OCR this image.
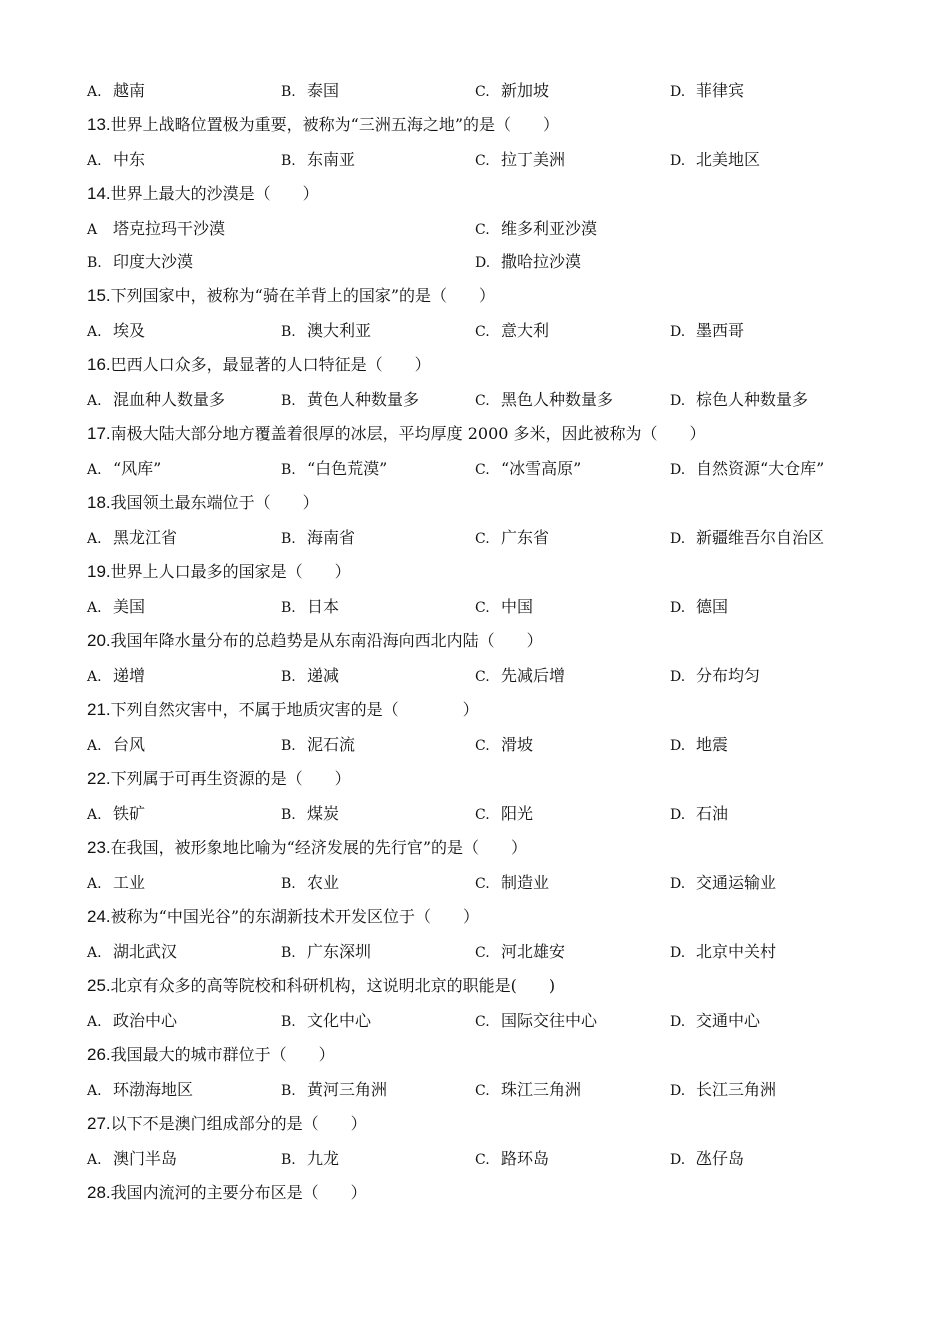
A. 越南	B. 泰国	C. 新加坡	D. 菲律宾
13.世界上战略位置极为重要，被称为“三洲五海之地”的是（　　）
A. 中东	B. 东南亚	C. 拉丁美洲	D. 北美地区
14.世界上最大的沙漠是（　　）
A 塔克拉玛干沙漠	C. 维多利亚沙漠
B. 印度大沙漠	D. 撒哈拉沙漠
15.下列国家中，被称为“骑在羊背上的国家”的是（　　）
A. 埃及	B. 澳大利亚	C. 意大利	D. 墨西哥
16.巴西人口众多，最显著的人口特征是（　　）
A. 混血种人数量多	B. 黄色人种数量多	C. 黑色人种数量多	D. 棕色人种数量多
17.南极大陆大部分地方覆盖着很厚的冰层，平均厚度 2000 多米，因此被称为（　　）
A. “风库”	B. “白色荒漠”	C. “冰雪高原”	D. 自然资源“大仓库”
18.我国领土最东端位于（　　）
A. 黑龙江省	B. 海南省	C. 广东省	D. 新疆维吾尔自治区
19.世界上人口最多的国家是（　　）
A. 美国	B. 日本	C. 中国	D. 德国
20.我国年降水量分布的总趋势是从东南沿海向西北内陆（　　）
A. 递增	B. 递减	C. 先减后增	D. 分布均匀
21.下列自然灾害中，不属于地质灾害的是（　　　　）
A. 台风	B. 泥石流	C. 滑坡	D. 地震
22.下列属于可再生资源的是（　　）
A. 铁矿	B. 煤炭	C. 阳光	D. 石油
23.在我国，被形象地比喻为“经济发展的先行官”的是（　　）
A. 工业	B. 农业	C. 制造业	D. 交通运输业
24.被称为“中国光谷”的东湖新技术开发区位于（　　）
A. 湖北武汉	B. 广东深圳	C. 河北雄安	D. 北京中关村
25.北京有众多的高等院校和科研机构，这说明北京的职能是(　　)
A. 政治中心	B. 文化中心	C. 国际交往中心	D. 交通中心
26.我国最大的城市群位于（　　）
A. 环渤海地区	B. 黄河三角洲	C. 珠江三角洲	D. 长江三角洲
27.以下不是澳门组成部分的是（　　）
A. 澳门半岛	B. 九龙	C. 路环岛	D. 氹仔岛
28.我国内流河的主要分布区是（　　）
